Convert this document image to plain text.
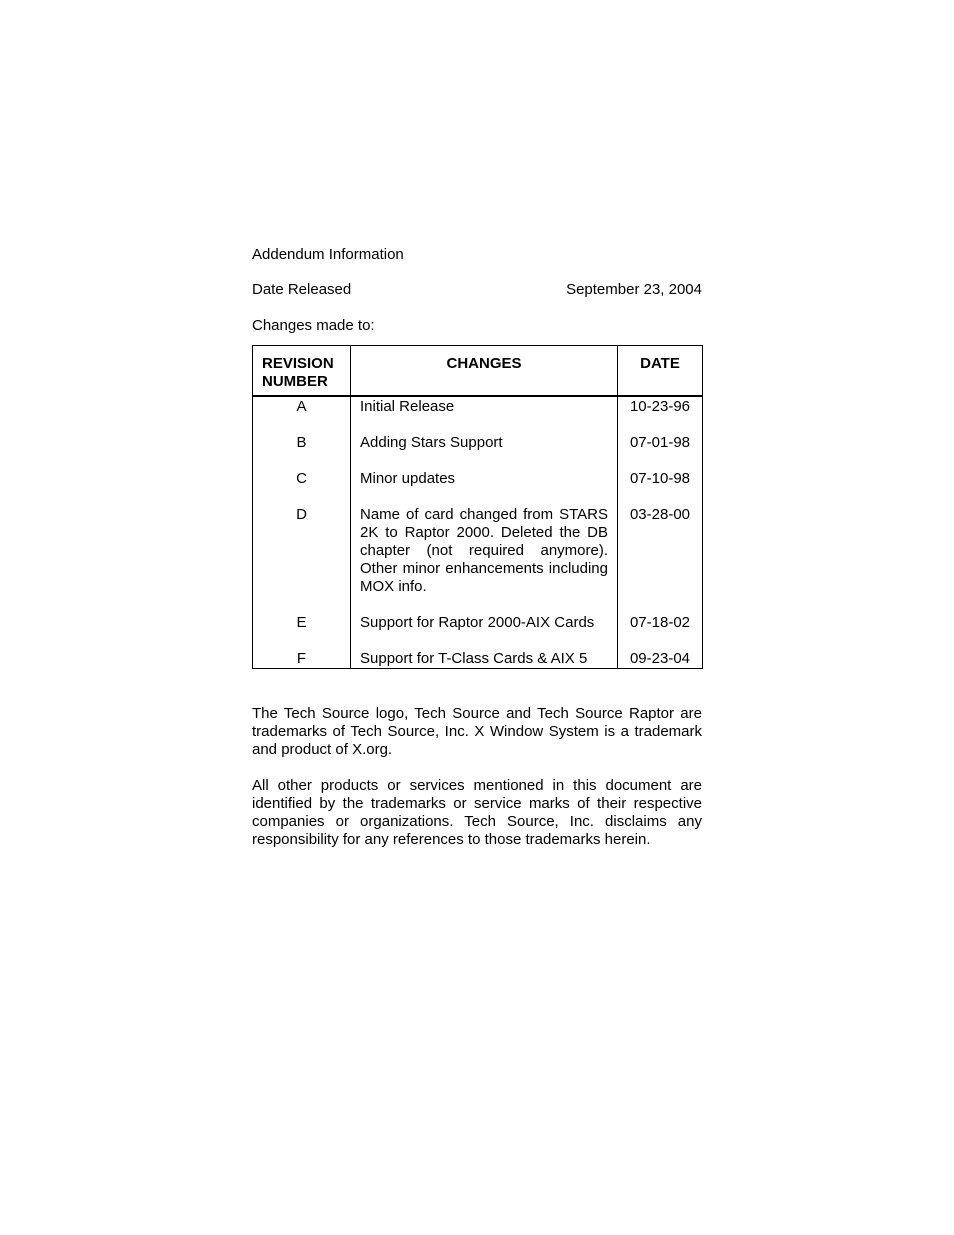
Addendum Information

Date Released	September 23, 2004

Changes made to:

REVISION
NUMBER	CHANGES	DATE
A	Initial Release	10-23-96
B	Adding Stars Support	07-01-98
C	Minor updates	07-10-98
D	Name of card changed from STARS 2K to Raptor 2000. Deleted the DB chapter (not required anymore). Other minor enhancements including MOX info.	03-28-00
E	Support for Raptor 2000-AIX Cards	07-18-02
F	Support for T-Class Cards & AIX 5	09-23-04

The Tech Source logo, Tech Source and Tech Source Raptor are trademarks of Tech Source, Inc. X Window System is a trademark and product of X.org.

All other products or services mentioned in this document are identified by the trademarks or service marks of their respective companies or organizations. Tech Source, Inc. disclaims any responsibility for any references to those trademarks herein.
